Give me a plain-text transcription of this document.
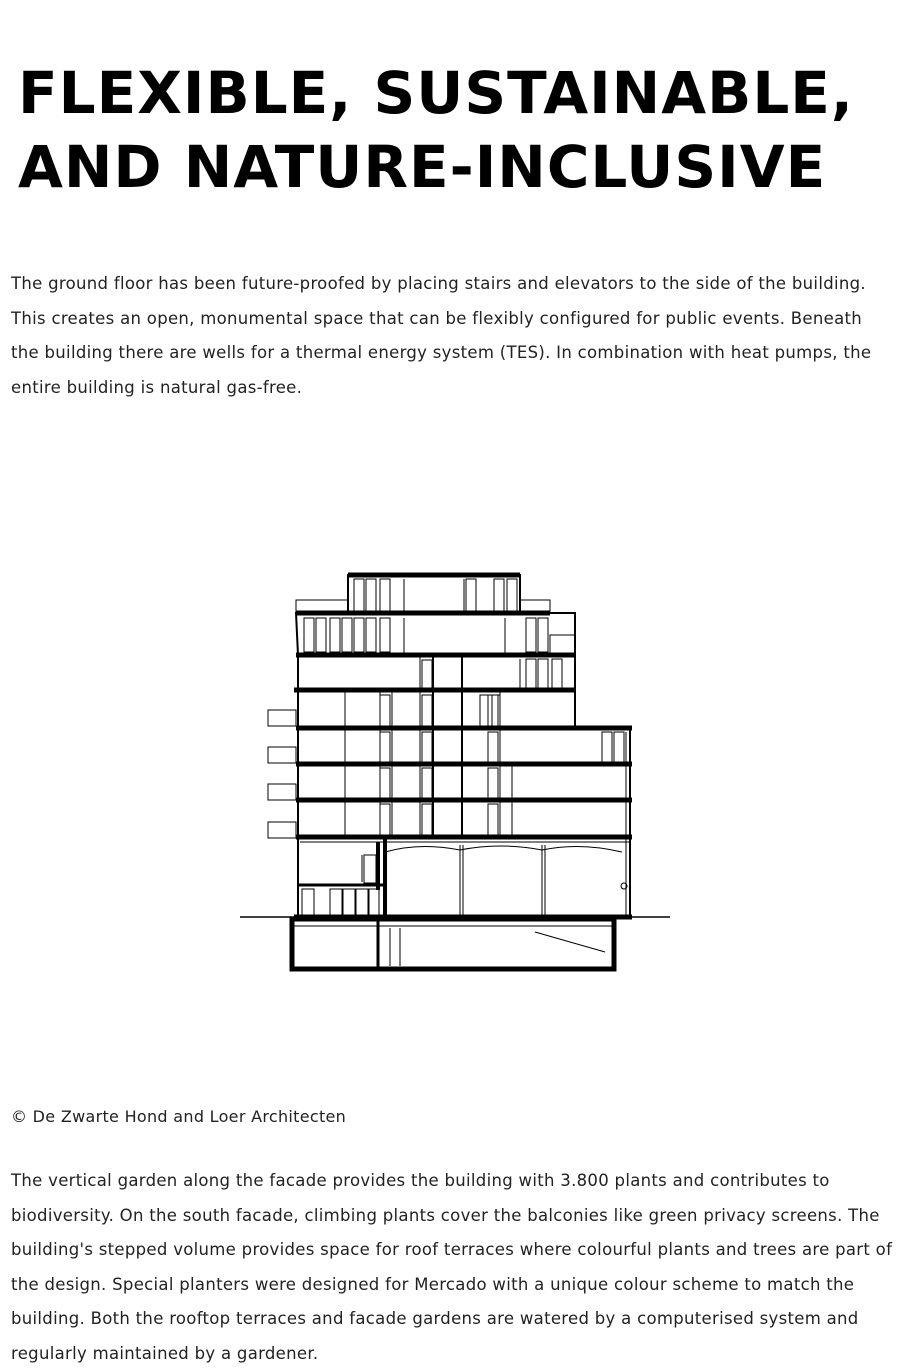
FLEXIBLE, SUSTAINABLE,
AND NATURE-INCLUSIVE

The ground floor has been future-proofed by placing stairs and elevators to the side of the building. This creates an open, monumental space that can be flexibly configured for public events. Beneath the building there are wells for a thermal energy system (TES). In combination with heat pumps, the entire building is natural gas-free.

© De Zwarte Hond and Loer Architecten

The vertical garden along the facade provides the building with 3.800 plants and contributes to biodiversity. On the south facade, climbing plants cover the balconies like green privacy screens. The building's stepped volume provides space for roof terraces where colourful plants and trees are part of the design. Special planters were designed for Mercado with a unique colour scheme to match the building. Both the rooftop terraces and facade gardens are watered by a computerised system and regularly maintained by a gardener.
